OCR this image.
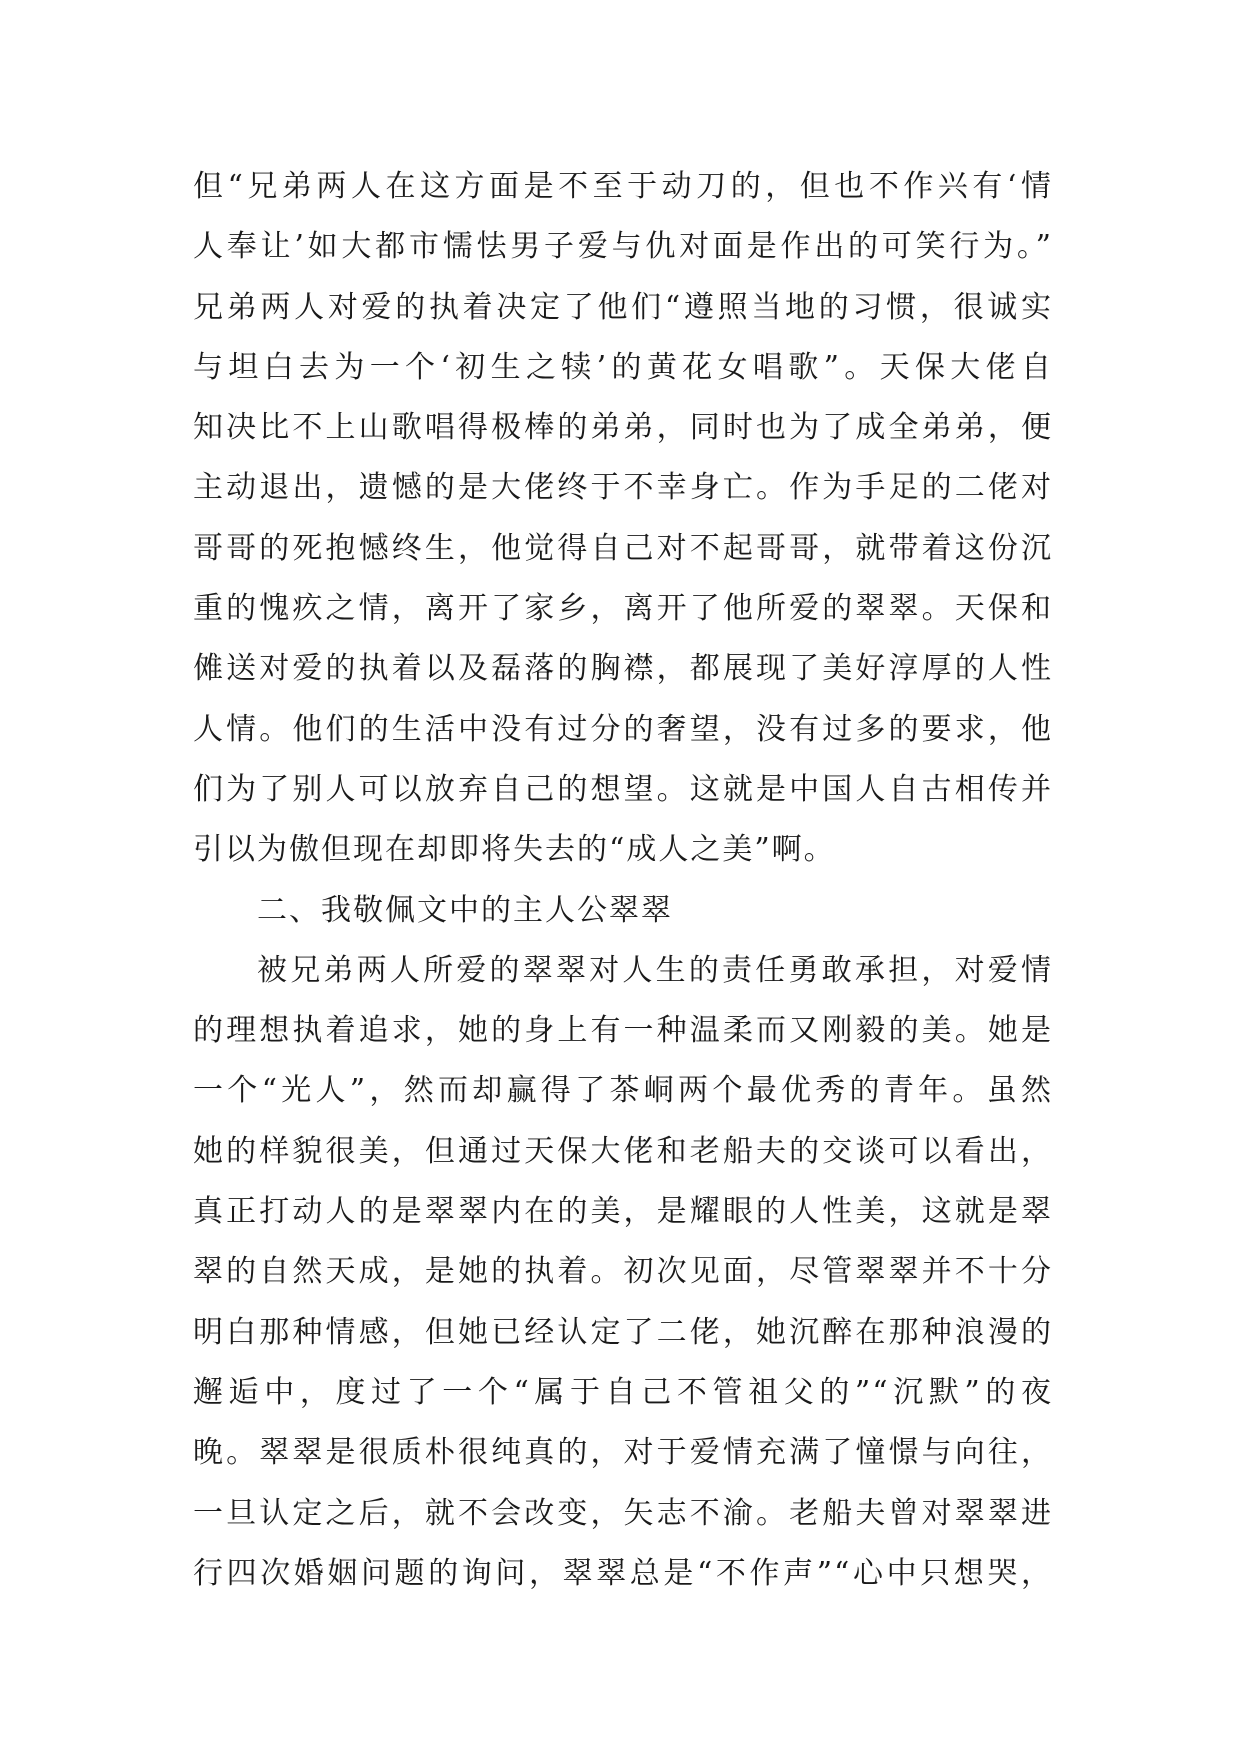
但“兄弟两人在这方面是不至于动刀的，但也不作兴有‘情
人奉让’如大都市懦怯男子爱与仇对面是作出的可笑行为。”
兄弟两人对爱的执着决定了他们“遵照当地的习惯，很诚实
与坦白去为一个‘初生之犊’的黄花女唱歌”。天保大佬自
知决比不上山歌唱得极棒的弟弟，同时也为了成全弟弟，便
主动退出，遗憾的是大佬终于不幸身亡。作为手足的二佬对
哥哥的死抱憾终生，他觉得自己对不起哥哥，就带着这份沉
重的愧疚之情，离开了家乡，离开了他所爱的翠翠。天保和
傩送对爱的执着以及磊落的胸襟，都展现了美好淳厚的人性
人情。他们的生活中没有过分的奢望，没有过多的要求，他
们为了别人可以放弃自己的想望。这就是中国人自古相传并
引以为傲但现在却即将失去的“成人之美”啊。
二、我敬佩文中的主人公翠翠
被兄弟两人所爱的翠翠对人生的责任勇敢承担，对爱情
的理想执着追求，她的身上有一种温柔而又刚毅的美。她是
一个“光人”，然而却赢得了茶峒两个最优秀的青年。虽然
她的样貌很美，但通过天保大佬和老船夫的交谈可以看出，
真正打动人的是翠翠内在的美，是耀眼的人性美，这就是翠
翠的自然天成，是她的执着。初次见面，尽管翠翠并不十分
明白那种情感，但她已经认定了二佬，她沉醉在那种浪漫的
邂逅中，度过了一个“属于自己不管祖父的”“沉默”的夜
晚。翠翠是很质朴很纯真的，对于爱情充满了憧憬与向往，
一旦认定之后，就不会改变，矢志不渝。老船夫曾对翠翠进
行四次婚姻问题的询问，翠翠总是“不作声”“心中只想哭，
